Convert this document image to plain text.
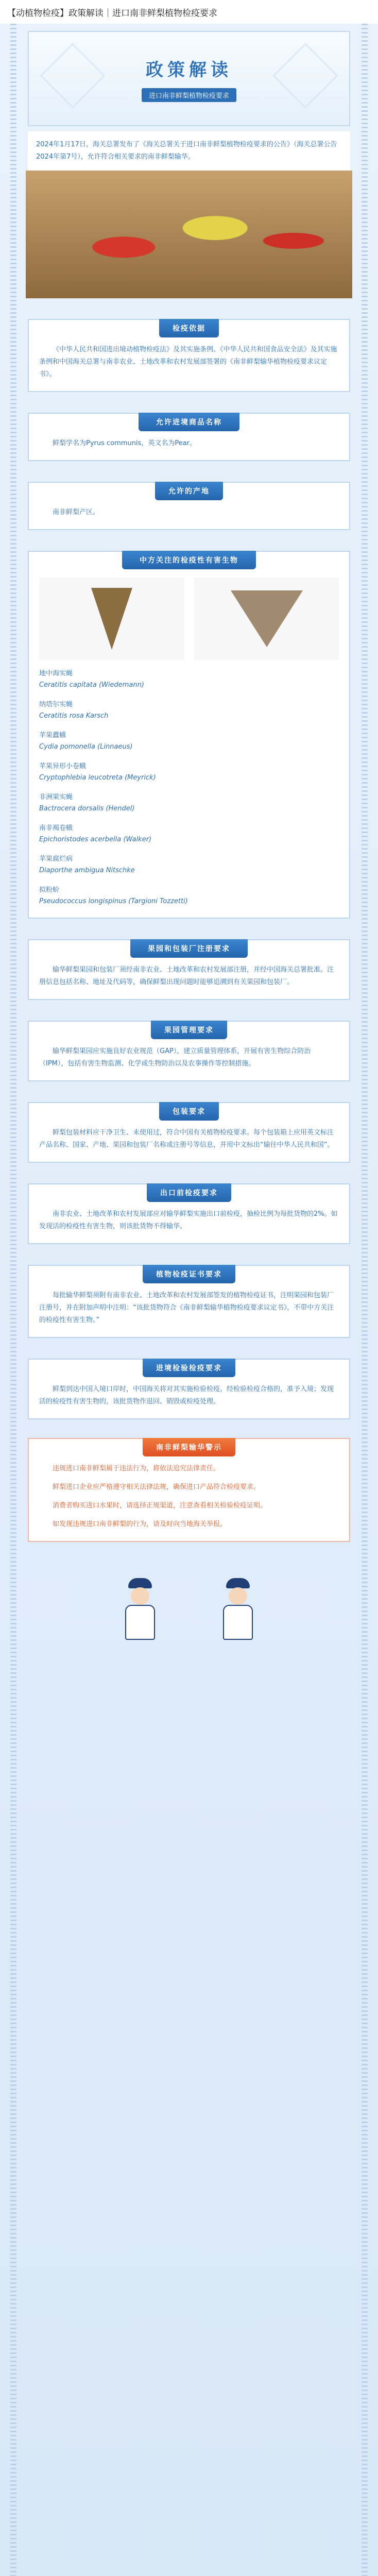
【动植物检疫】政策解读｜进口南非鲜梨植物检疫要求
政策解读
进口南非鲜梨植物检疫要求
2024年1月17日，海关总署发布了《海关总署关于进口南非鲜梨植物检疫要求的公告》（海关总署公告2024年第7号），允许符合相关要求的南非鲜梨输华。
检疫依据

《中华人民共和国进出境动植物检疫法》及其实施条例、《中华人民共和国食品安全法》及其实施条例和中国海关总署与南非农业、土地改革和农村发展部签署的《南非鲜梨输华植物检疫要求议定书》。

允许进境商品名称

鲜梨学名为Pyrus communis，英文名为Pear。

允许的产地

南非鲜梨产区。

中方关注的检疫性有害生物
地中海实蝇
Ceratitis capitata (Wiedemann)
纳塔尔实蝇
Ceratitis rosa Karsch
苹果蠹蛾
Cydia pomonella (Linnaeus)
苹果异形小卷蛾
Cryptophlebia leucotreta (Meyrick)
非洲果实蝇
Bactrocera dorsalis (Hendel)
南非褐卷蛾
Epichoristodes acerbella (Walker)
苹果腐烂病
Diaporthe ambigua Nitschke
拟粉蚧
Pseudococcus longispinus (Targioni Tozzetti)
果园和包装厂注册要求

输华鲜梨果园和包装厂须经南非农业、土地改革和农村发展部注册，并经中国海关总署批准。注册信息包括名称、地址及代码等，确保鲜梨出现问题时能够追溯到有关果园和包装厂。

果园管理要求

输华鲜梨果园应实施良好农业规范（GAP），建立质量管理体系，开展有害生物综合防治（IPM），包括有害生物监测、化学或生物防治以及农事操作等控制措施。

包装要求

鲜梨包装材料应干净卫生、未使用过，符合中国有关植物检疫要求。每个包装箱上应用英文标注产品名称、国家、产地、果园和包装厂名称或注册号等信息，并用中文标出“输往中华人民共和国”。

出口前检疫要求

南非农业、土地改革和农村发展部应对输华鲜梨实施出口前检疫，抽检比例为每批货物的2%。如发现活的检疫性有害生物，则该批货物不得输华。

植物检疫证书要求

每批输华鲜梨须附有南非农业、土地改革和农村发展部签发的植物检疫证书，注明果园和包装厂注册号，并在附加声明中注明：“该批货物符合《南非鲜梨输华植物检疫要求议定书》，不带中方关注的检疫性有害生物。”

进境检验检疫要求

鲜梨到达中国入境口岸时，中国海关将对其实施检验检疫。经检验检疫合格的，准予入境；发现活的检疫性有害生物的，该批货物作退回、销毁或检疫处理。

南非鲜梨输华警示

违规进口南非鲜梨属于违法行为，将依法追究法律责任。

鲜梨进口企业应严格遵守相关法律法规，确保进口产品符合检疫要求。

消费者购买进口水果时，请选择正规渠道，注意查看相关检验检疫证明。

如发现违规进口南非鲜梨的行为，请及时向当地海关举报。
